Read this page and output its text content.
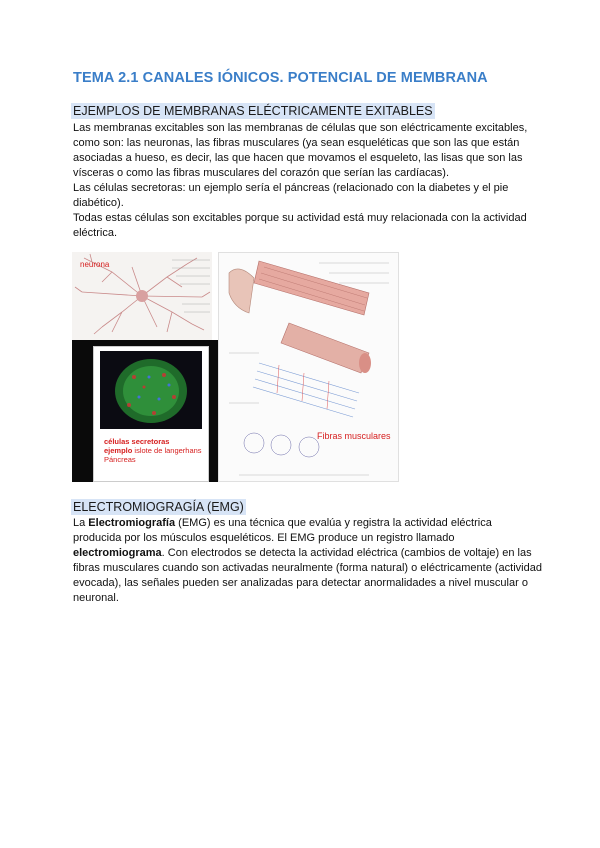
TEMA 2.1 CANALES IÓNICOS. POTENCIAL DE MEMBRANA
EJEMPLOS DE MEMBRANAS ELÉCTRICAMENTE EXITABLES

Las membranas excitables son las membranas de células que son eléctricamente excitables, como son: las neuronas, las fibras musculares (ya sean esqueléticas que son las que están asociadas a hueso, es decir, las que hacen que movamos el esqueleto, las lisas que son las vísceras o como las fibras musculares del corazón que serían las cardíacas).

Las células secretoras: un ejemplo sería el páncreas (relacionado con la diabetes y el pie diabético).

Todas estas células son excitables porque su actividad está muy relacionada con la actividad eléctrica.

neurona
células secretoras
ejemplo islote de langerhans
Páncreas
Fibras musculares
ELECTROMIOGRAGÍA (EMG)

La Electromiografía (EMG) es una técnica que evalúa y registra la actividad eléctrica producida por los músculos esqueléticos. El EMG produce un registro llamado electromiograma. Con electrodos se detecta la actividad eléctrica (cambios de voltaje) en las fibras musculares cuando son activadas neuralmente (forma natural) o eléctricamente (actividad evocada), las señales pueden ser analizadas para detectar anormalidades a nivel muscular o neuronal.
